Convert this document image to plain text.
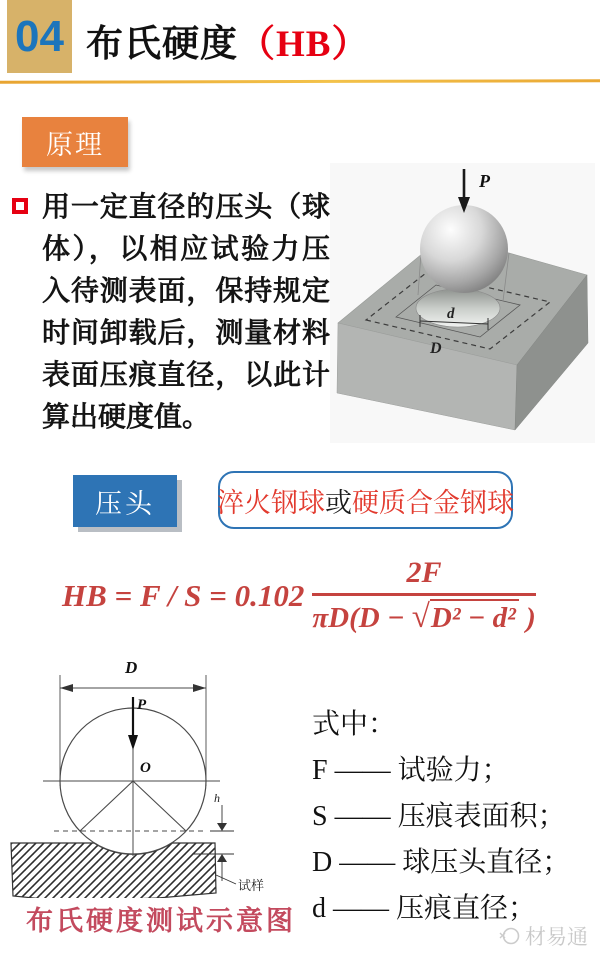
04 布氏硬度（HB）
原理
用一定直径的压头（球体），以相应试验力压入待测表面，保持规定时间卸载后，测量材料表面压痕直径，以此计算出硬度值。
d
D
P
压头 淬火钢球 或 硬质合金钢球
HB = $F / S = 0.102 \frac{2F}{\text{πD(D − √D² − d² )}}$
D
P
O
h
试样
布氏硬度测试示意图
式中：
F —— 试验力；
S —— 压痕表面积；
D —— 球压头直径；
d —— 压痕直径；
材易通
